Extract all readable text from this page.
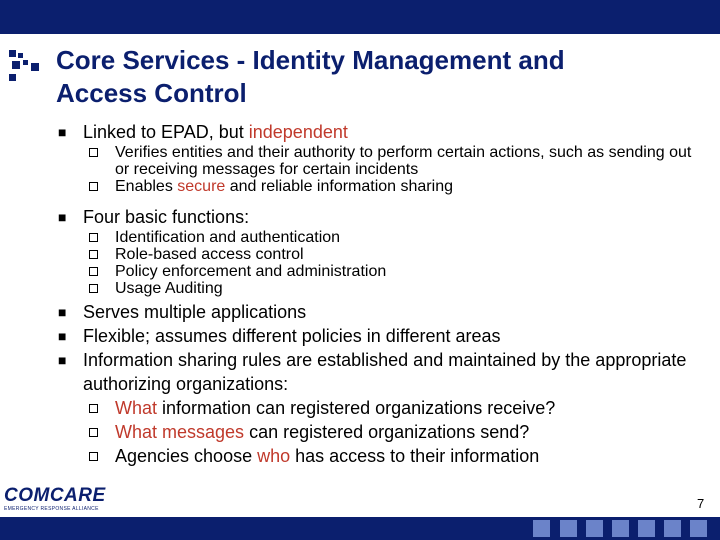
Core Services - Identity Management and
Access Control
■ Linked to EPAD, but independent
Verifies entities and their authority to perform certain actions, such as sending out or receiving messages for certain incidents
Enables secure and reliable information sharing
■ Four basic functions:
Identification and authentication
Role-based access control
Policy enforcement and administration
Usage Auditing
■ Serves multiple applications
■ Flexible; assumes different policies in different areas
■ Information sharing rules are established and maintained by the appropriate authorizing organizations:
What information can registered organizations receive?
What messages can registered organizations send?
Agencies choose who has access to their information
COMCARE
EMERGENCY RESPONSE ALLIANCE	7
